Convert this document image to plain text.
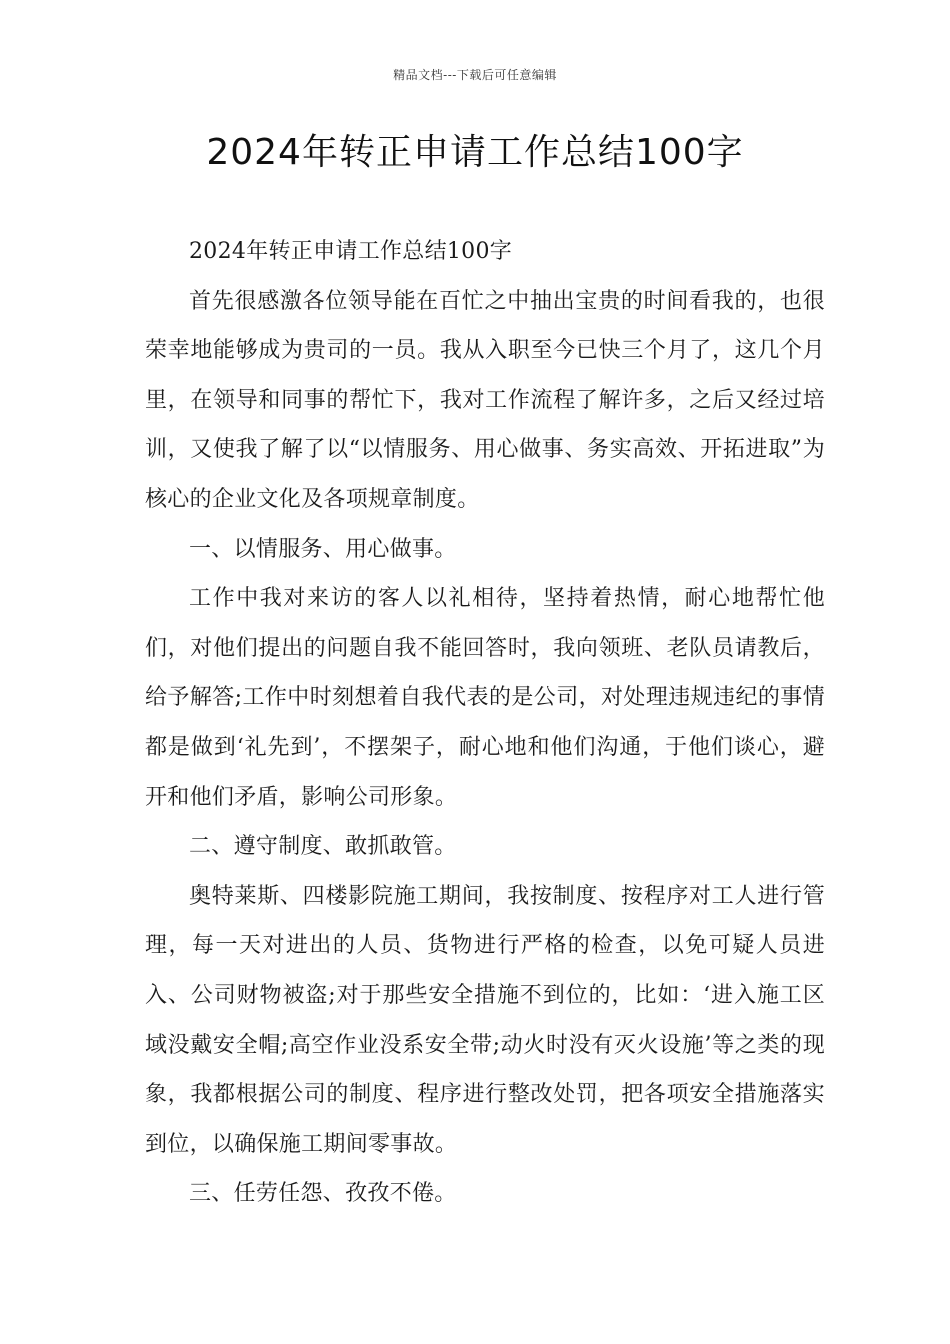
精品文档---下载后可任意编辑
2024年转正申请工作总结100字

2024年转正申请工作总结100字

首先很感激各位领导能在百忙之中抽出宝贵的时间看我的，也很荣幸地能够成为贵司的一员。我从入职至今已快三个月了，这几个月里，在领导和同事的帮忙下，我对工作流程了解许多，之后又经过培训，又使我了解了以“以情服务、用心做事、务实高效、开拓进取”为核心的企业文化及各项规章制度。

一、以情服务、用心做事。

工作中我对来访的客人以礼相待，坚持着热情，耐心地帮忙他们，对他们提出的问题自我不能回答时，我向领班、老队员请教后，给予解答;工作中时刻想着自我代表的是公司，对处理违规违纪的事情都是做到‘礼先到’，不摆架子，耐心地和他们沟通，于他们谈心，避开和他们矛盾，影响公司形象。

二、遵守制度、敢抓敢管。

奥特莱斯、四楼影院施工期间，我按制度、按程序对工人进行管理，每一天对进出的人员、货物进行严格的检查，以免可疑人员进入、公司财物被盗;对于那些安全措施不到位的，比如：‘进入施工区域没戴安全帽;高空作业没系安全带;动火时没有灭火设施’等之类的现象，我都根据公司的制度、程序进行整改处罚，把各项安全措施落实到位，以确保施工期间零事故。

三、任劳任怨、孜孜不倦。
